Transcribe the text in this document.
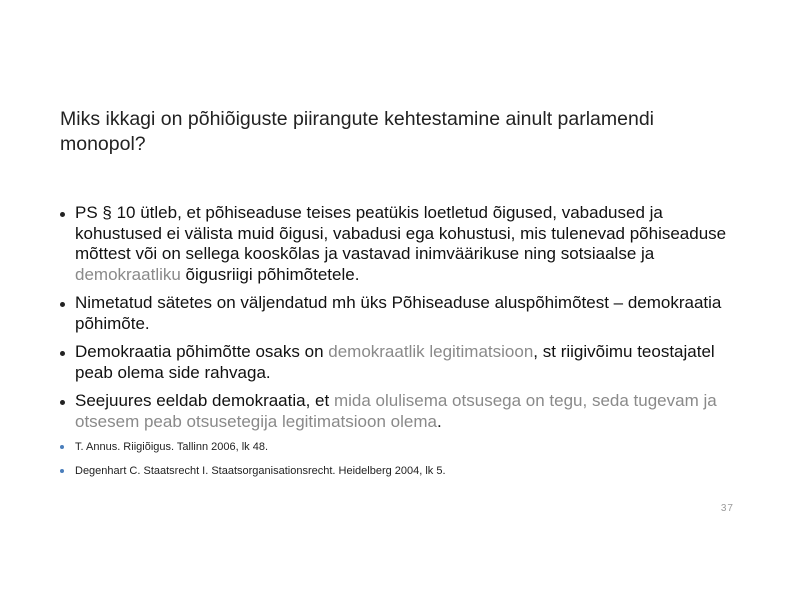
Miks ikkagi on põhiõiguste piirangute kehtestamine ainult parlamendi monopol?
PS § 10 ütleb, et põhiseaduse teises peatükis loetletud õigused, vabadused ja kohustused ei välista muid õigusi, vabadusi ega kohustusi, mis tulenevad põhiseaduse mõttest või on sellega kooskõlas ja vastavad inimväärikuse ning sotsiaalse ja demokraatliku õigusriigi põhimõtetele.
Nimetatud sätetes on väljendatud mh üks Põhiseaduse aluspõhimõtest – demokraatia põhimõte.
Demokraatia põhimõtte osaks on demokraatlik legitimatsioon, st riigivõimu teostajatel peab olema side rahvaga.
Seejuures eeldab demokraatia, et mida olulisema otsusega on tegu, seda tugevam ja otsesem peab otsusetegija legitimatsioon olema.
T. Annus. Riigiõigus. Tallinn 2006, lk 48.
Degenhart C. Staatsrecht I. Staatsorganisationsrecht. Heidelberg 2004, lk 5.
37
